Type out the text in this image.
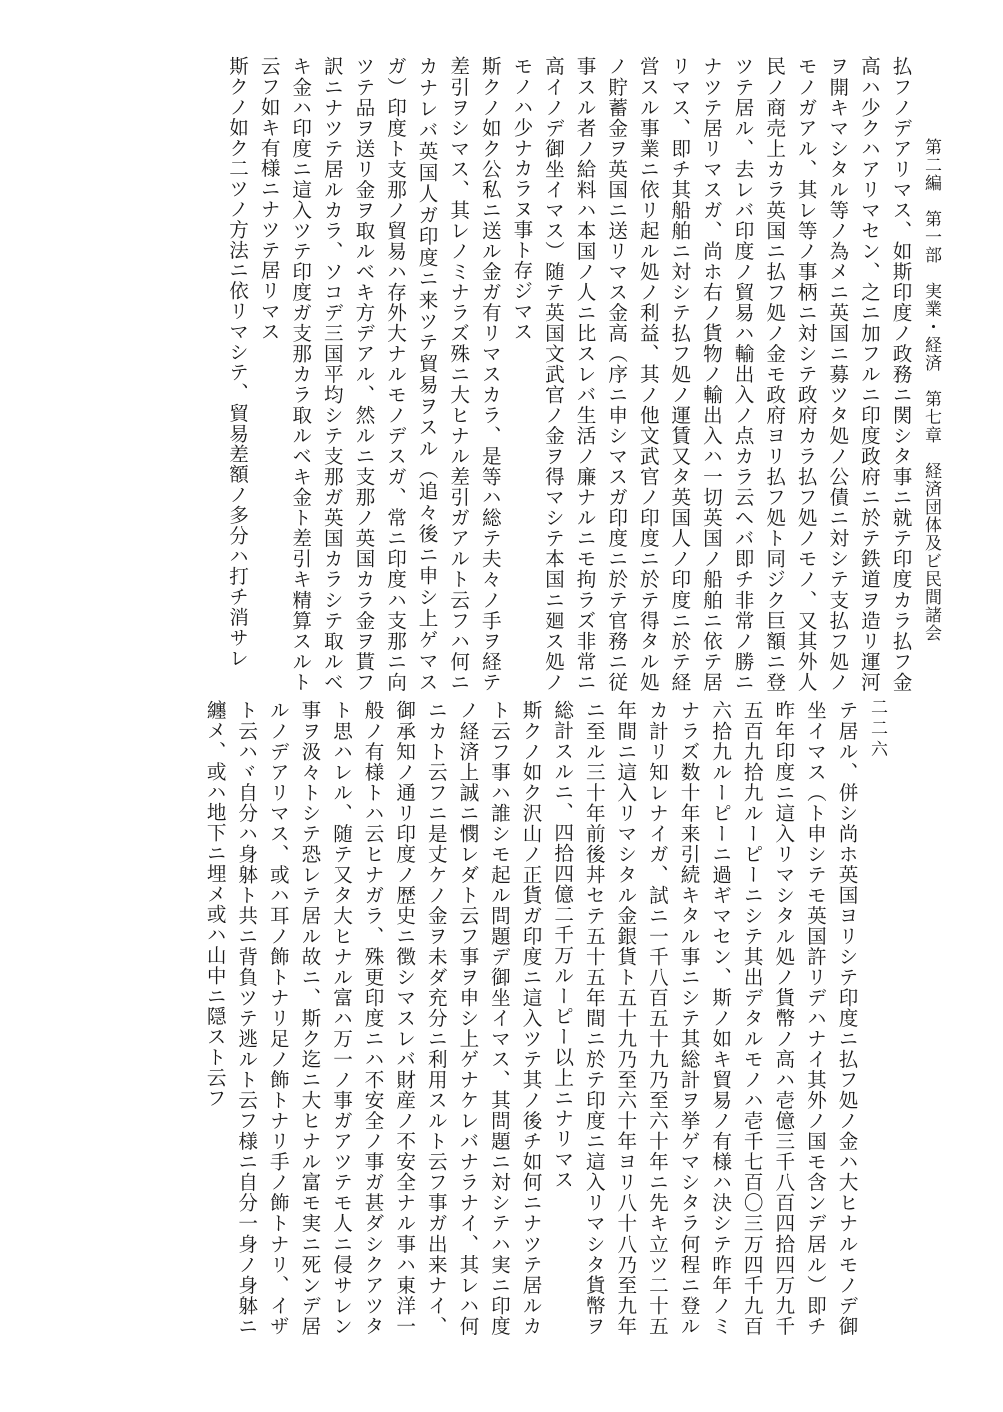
第二編　第一部　実業・経済　第七章　経済団体及ビ民間諸会
二二六

払フノデアリマス、如斯印度ノ政務ニ関シタ事ニ就テ印度カラ払フ金高ハ少クハアリマセン、之ニ加フルニ印度政府ニ於テ鉄道ヲ造リ運河ヲ開キマシタル等ノ為メニ英国ニ募ツタ処ノ公債ニ対シテ支払フ処ノモノガアル、其レ等ノ事柄ニ対シテ政府カラ払フ処ノモノ、又其外人民ノ商売上カラ英国ニ払フ処ノ金モ政府ヨリ払フ処ト同ジク巨額ニ登ツテ居ル、去レバ印度ノ貿易ハ輸出入ノ点カラ云ヘバ即チ非常ノ勝ニナツテ居リマスガ、尚ホ右ノ貨物ノ輸出入ハ一切英国ノ船舶ニ依テ居リマス、即チ其船舶ニ対シテ払フ処ノ運賃又タ英国人ノ印度ニ於テ経営スル事業ニ依リ起ル処ノ利益、其ノ他文武官ノ印度ニ於テ得タル処ノ貯蓄金ヲ英国ニ送リマス金高（序ニ申シマスガ印度ニ於テ官務ニ従事スル者ノ給料ハ本国ノ人ニ比スレバ生活ノ廉ナルニモ拘ラズ非常ニ高イノデ御坐イマス）随テ英国文武官ノ金ヲ得マシテ本国ニ廻ス処ノモノハ少ナカラヌ事ト存ジマス

斯クノ如ク公私ニ送ル金ガ有リマスカラ、是等ハ総テ夫々ノ手ヲ経テ差引ヲシマス、其レノミナラズ殊ニ大ヒナル差引ガアルト云フハ何ニカナレバ英国人ガ印度ニ来ツテ貿易ヲスル（追々後ニ申シ上ゲマスガ）印度ト支那ノ貿易ハ存外大ナルモノデスガ、常ニ印度ハ支那ニ向ツテ品ヲ送リ金ヲ取ルベキ方デアル、然ルニ支那ノ英国カラ金ヲ貰フ訳ニナツテ居ルカラ、ソコデ三国平均シテ支那ガ英国カラシテ取ルベキ金ハ印度ニ這入ツテ印度ガ支那カラ取ルベキ金ト差引キ精算スルト云フ如キ有様ニナツテ居リマス

斯クノ如ク二ツノ方法ニ依リマシテ、貿易差額ノ多分ハ打チ消サレ

テ居ル、併シ尚ホ英国ヨリシテ印度ニ払フ処ノ金ハ大ヒナルモノデ御坐イマス（ト申シテモ英国許リデハナイ其外ノ国モ含ンデ居ル）即チ昨年印度ニ這入リマシタル処ノ貨幣ノ高ハ壱億三千八百四拾四万九千五百九拾九ルーピーニシテ其出デタルモノハ壱千七百〇三万四千九百六拾九ルーピーニ過ギマセン、斯ノ如キ貿易ノ有様ハ決シテ昨年ノミナラズ数十年来引続キタル事ニシテ其総計ヲ挙ゲマシタラ何程ニ登ルカ計リ知レナイガ、試ニ一千八百五十九乃至六十年ニ先キ立ツ二十五年間ニ這入リマシタル金銀貨ト五十九乃至六十年ヨリ八十八乃至九年ニ至ル三十年前後丼セテ五十五年間ニ於テ印度ニ這入リマシタ貨幣ヲ総計スルニ、四拾四億二千万ルーピー以上ニナリマス

斯クノ如ク沢山ノ正貨ガ印度ニ這入ツテ其ノ後チ如何ニナツテ居ルカト云フ事ハ誰シモ起ル問題デ御坐イマス、其問題ニ対シテハ実ニ印度ノ経済上誠ニ憫レダト云フ事ヲ申シ上ゲナケレバナラナイ、其レハ何ニカト云フニ是丈ケノ金ヲ未ダ充分ニ利用スルト云フ事ガ出来ナイ、御承知ノ通リ印度ノ歴史ニ徴シマスレバ財産ノ不安全ナル事ハ東洋一般ノ有様トハ云ヒナガラ、殊更印度ニハ不安全ノ事ガ甚ダシクアツタト思ハレル、随テ又タ大ヒナル富ハ万一ノ事ガアツテモ人ニ侵サレン事ヲ汲々トシテ恐レテ居ル故ニ、斯ク迄ニ大ヒナル富モ実ニ死ンデ居ルノデアリマス、或ハ耳ノ飾トナリ足ノ飾トナリ手ノ飾トナリ、イザト云ハヾ自分ハ身躰ト共ニ背負ツテ逃ルト云フ様ニ自分一身ノ身躰ニ纏メ、或ハ地下ニ埋メ或ハ山中ニ隠スト云フ
